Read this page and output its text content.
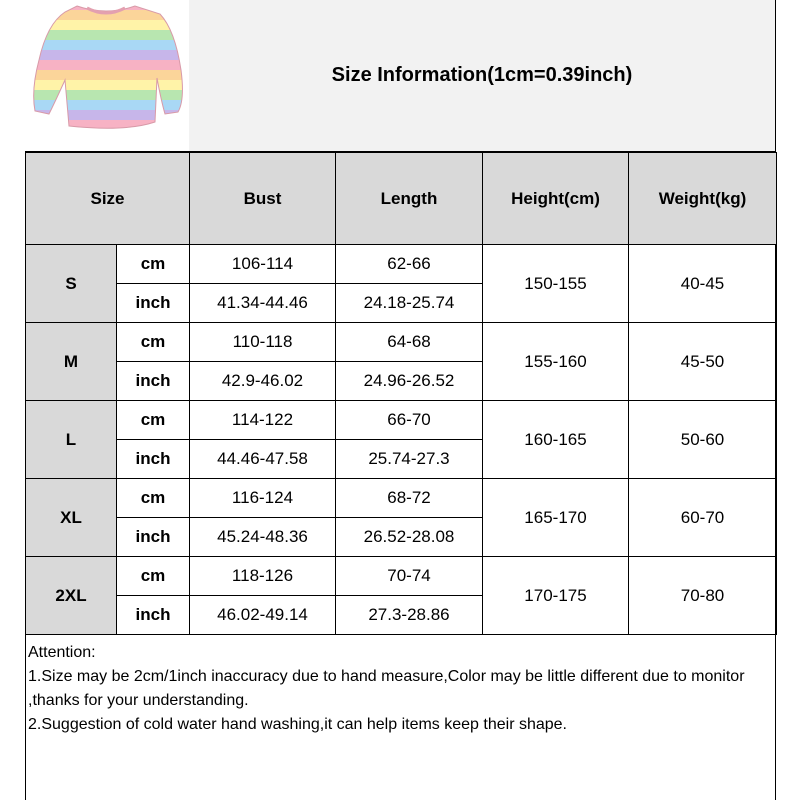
Size Information(1cm=0.39inch)
Size		Bust	Length	Height(cm)	Weight(kg)
S	cm	106-114	62-66	150-155	40-45
	inch	41.34-44.46	24.18-25.74		
M	cm	110-118	64-68	155-160	45-50
	inch	42.9-46.02	24.96-26.52		
L	cm	114-122	66-70	160-165	50-60
	inch	44.46-47.58	25.74-27.3		
XL	cm	116-124	68-72	165-170	60-70
	inch	45.24-48.36	26.52-28.08		
2XL	cm	118-126	70-74	170-175	70-80
	inch	46.02-49.14	27.3-28.86		

Attention:

1.Size may be 2cm/1inch inaccuracy due to hand measure,Color may be little different due to monitor ,thanks for your understanding.

2.Suggestion of cold water hand washing,it can help items keep their shape.
